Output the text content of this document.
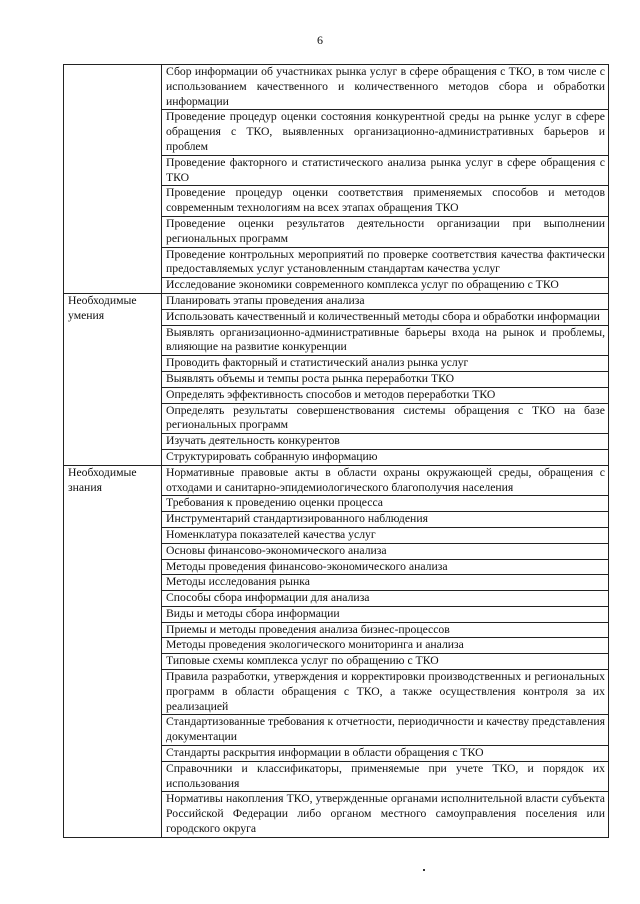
6
	Сбор информации об участниках рынка услуг в сфере обращения с ТКО, в том числе с использованием качественного и количественного методов сбора и обработки информации
	Проведение процедур оценки состояния конкурентной среды на рынке услуг в сфере обращения с ТКО, выявленных организационно-административных барьеров и проблем
	Проведение факторного и статистического анализа рынка услуг в сфере обращения с ТКО
	Проведение процедур оценки соответствия применяемых способов и методов современным технологиям на всех этапах обращения ТКО
	Проведение оценки результатов деятельности организации при выполнении региональных программ
	Проведение контрольных мероприятий по проверке соответствия качества фактически предоставляемых услуг установленным стандартам качества услуг
	Исследование экономики современного комплекса услуг по обращению с ТКО
Необходимые умения	Планировать этапы проведения анализа
	Использовать качественный и количественный методы сбора и обработки информации
	Выявлять организационно-административные барьеры входа на рынок и проблемы, влияющие на развитие конкуренции
	Проводить факторный и статистический анализ рынка услуг
	Выявлять объемы и темпы роста рынка переработки ТКО
	Определять эффективность способов и методов переработки ТКО
	Определять результаты совершенствования системы обращения с ТКО на базе региональных программ
	Изучать деятельность конкурентов
	Структурировать собранную информацию
Необходимые знания	Нормативные правовые акты в области охраны окружающей среды, обращения с отходами и санитарно-эпидемиологического благополучия населения
	Требования к проведению оценки процесса
	Инструментарий стандартизированного наблюдения
	Номенклатура показателей качества услуг
	Основы финансово-экономического анализа
	Методы проведения финансово-экономического анализа
	Методы исследования рынка
	Способы сбора информации для анализа
	Виды и методы сбора информации
	Приемы и методы проведения анализа бизнес-процессов
	Методы проведения экологического мониторинга и анализа
	Типовые схемы комплекса услуг по обращению с ТКО
	Правила разработки, утверждения и корректировки производственных и региональных программ в области обращения с ТКО, а также осуществления контроля за их реализацией
	Стандартизованные требования к отчетности, периодичности и качеству представления документации
	Стандарты раскрытия информации в области обращения с ТКО
	Справочники и классификаторы, применяемые при учете ТКО, и порядок их использования
	Нормативы накопления ТКО, утвержденные органами исполнительной власти субъекта Российской Федерации либо органом местного самоуправления поселения или городского округа
